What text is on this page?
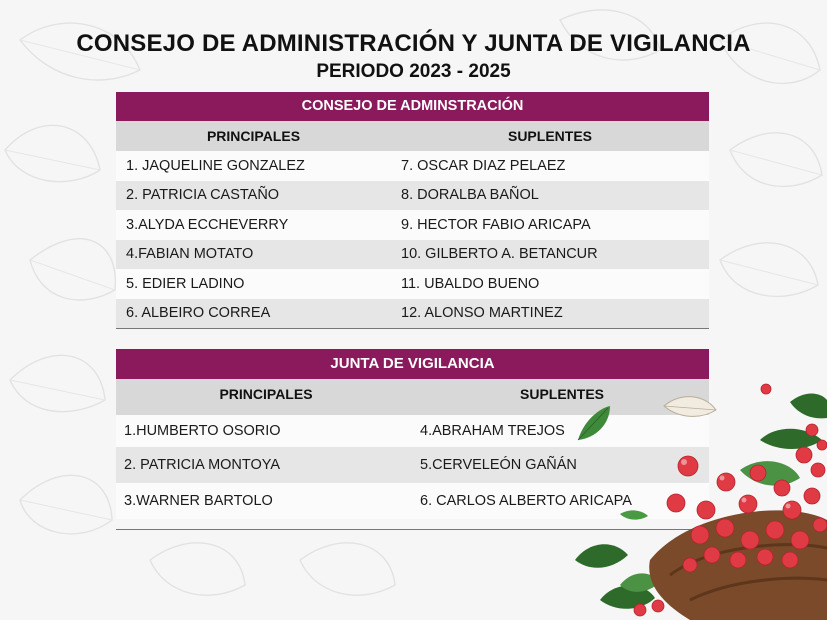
CONSEJO DE ADMINISTRACIÓN Y JUNTA DE VIGILANCIA
PERIODO 2023 - 2025
CONSEJO DE ADMINSTRACIÓN
PRINCIPALES	SUPLENTES
1. JAQUELINE GONZALEZ	7. OSCAR DIAZ PELAEZ
2. PATRICIA CASTAÑO	8. DORALBA BAÑOL
3.ALYDA ECCHEVERRY	9. HECTOR FABIO ARICAPA
4.FABIAN MOTATO	10. GILBERTO A. BETANCUR
5. EDIER LADINO	11. UBALDO BUENO
6. ALBEIRO CORREA	12. ALONSO MARTINEZ
JUNTA DE VIGILANCIA
PRINCIPALES	SUPLENTES
1.HUMBERTO OSORIO	4.ABRAHAM TREJOS
2. PATRICIA MONTOYA	5.CERVELEÓN GAÑÁN
3.WARNER BARTOLO	6. CARLOS ALBERTO ARICAPA
